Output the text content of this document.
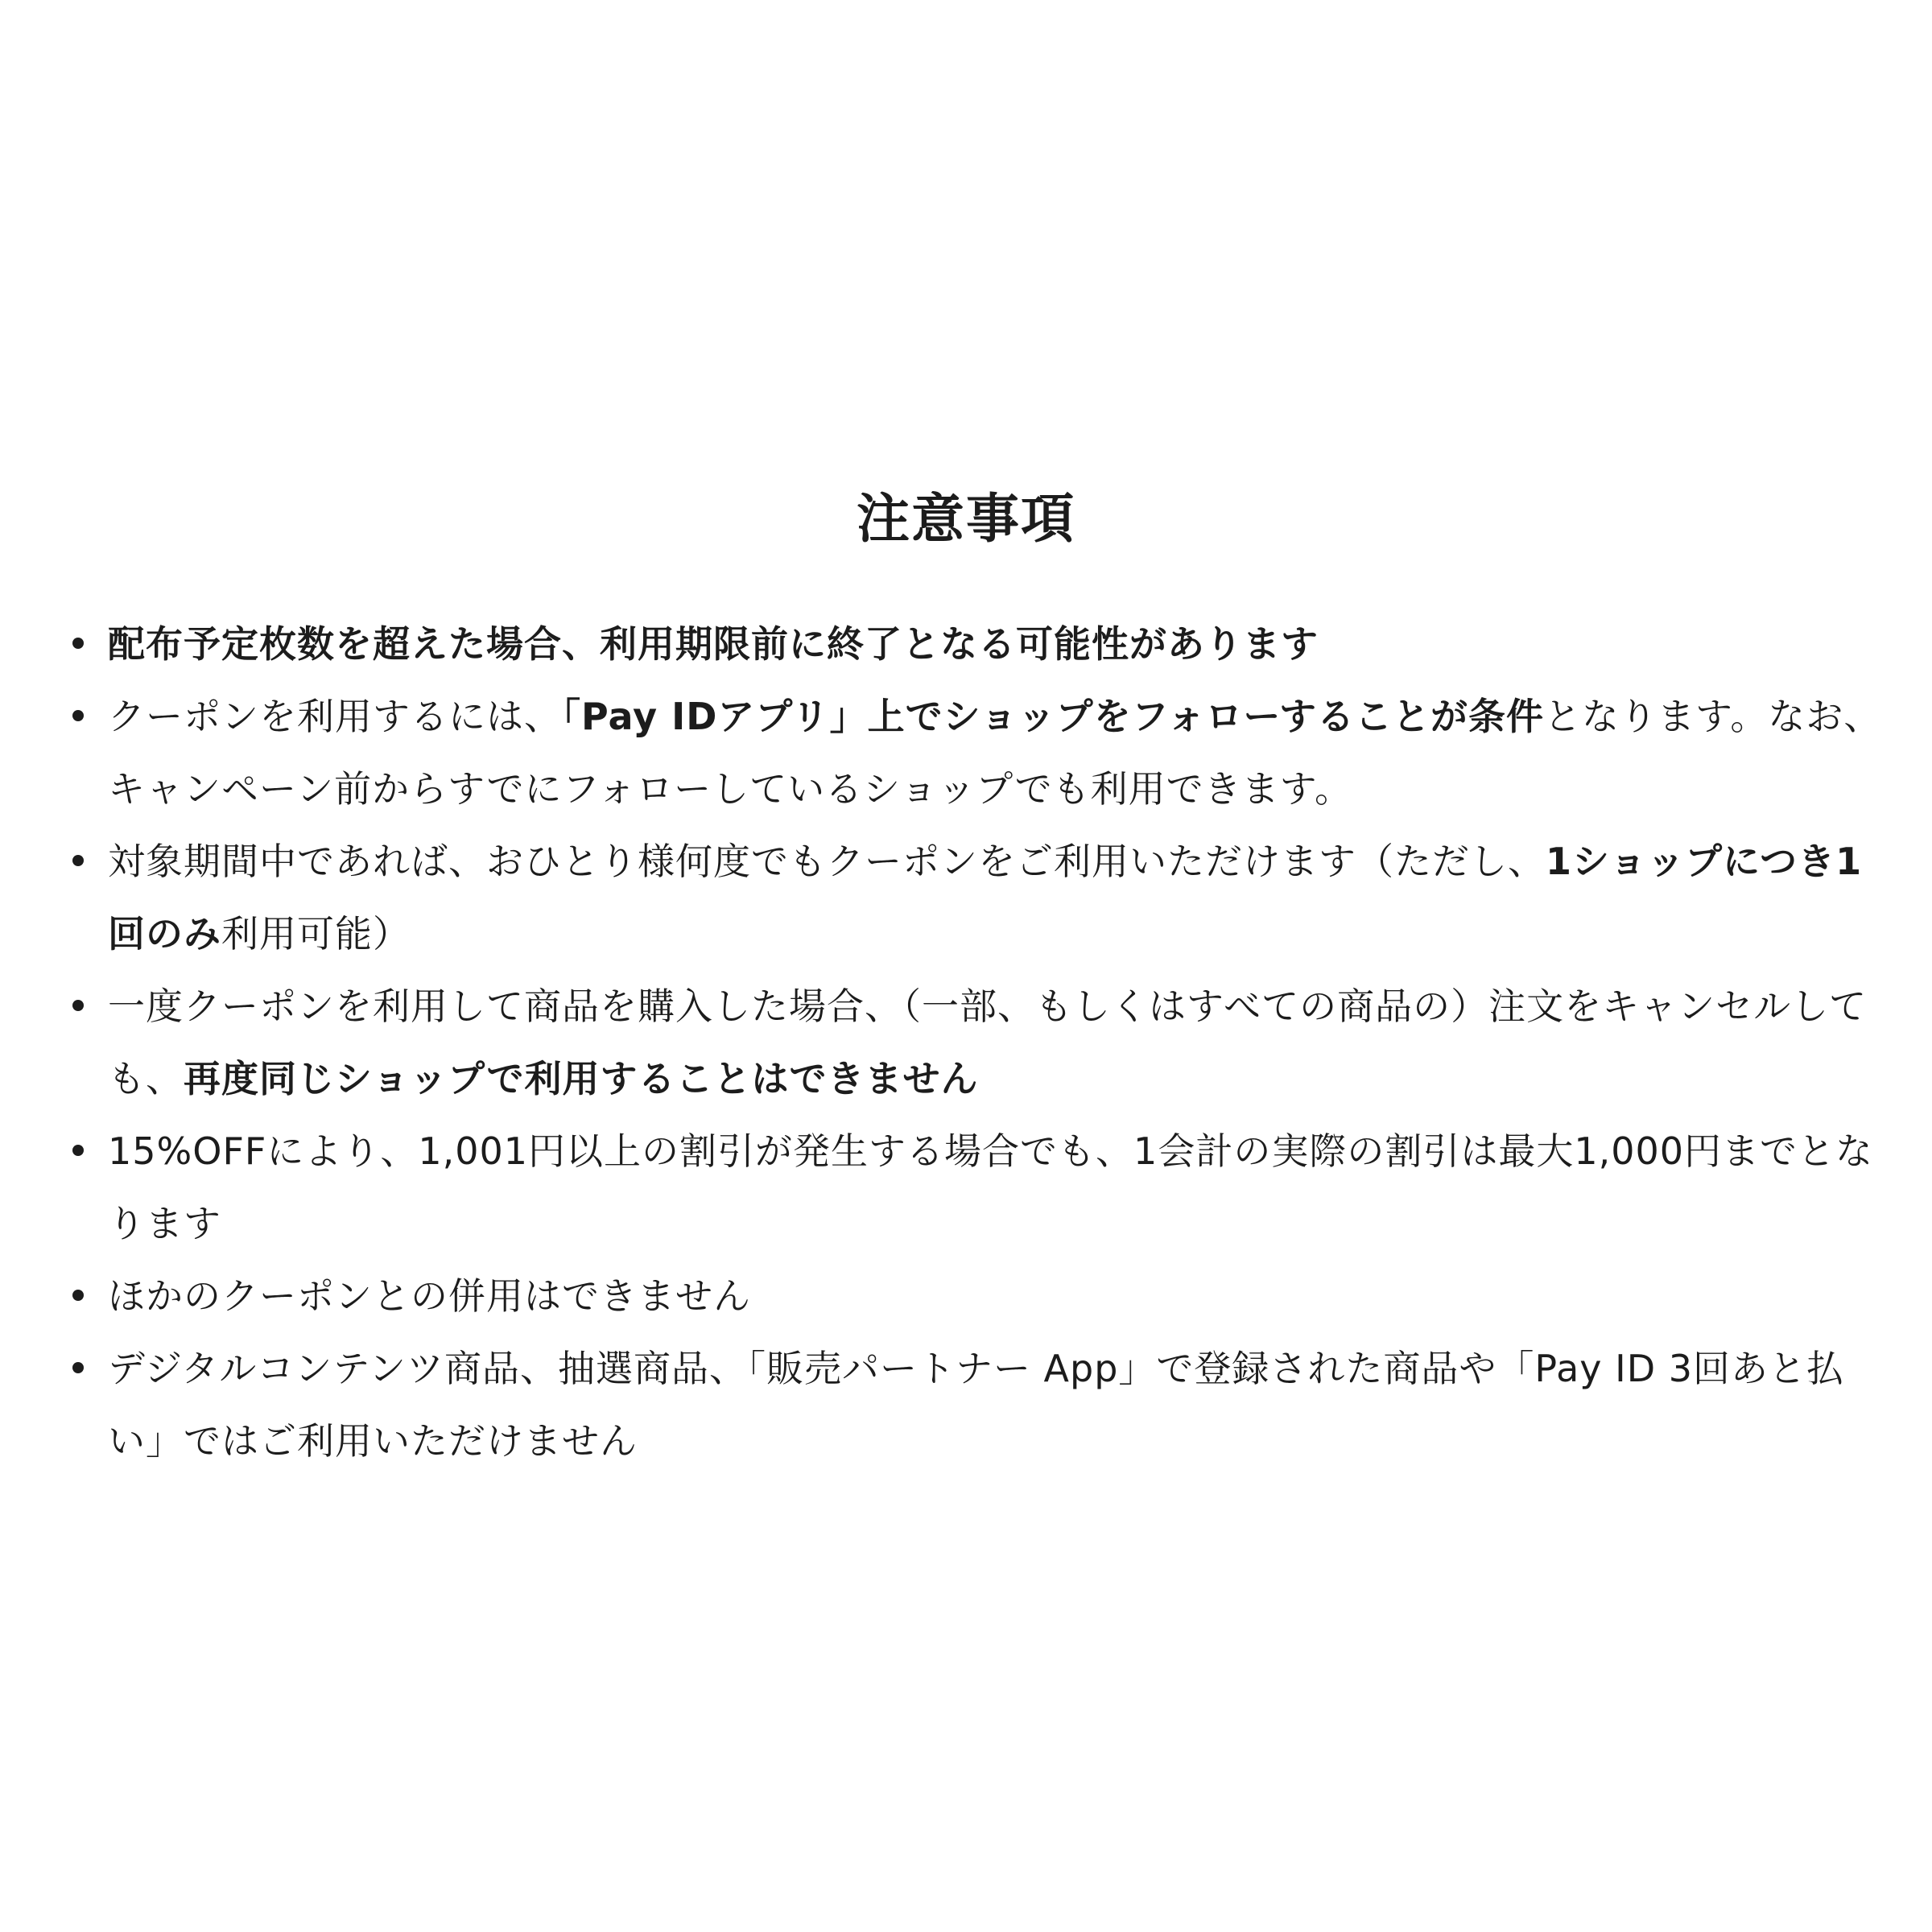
注意事項
配布予定枚数を超えた場合、利用期限前に終了となる可能性があります
クーポンを利用するには、「Pay IDアプリ」上でショップをフォローすることが条件となります。なお、キャンペーン前からすでにフォローしているショップでも利用できます。
対象期間中であれば、おひとり様何度でもクーポンをご利用いただけます（ただし、1ショップにつき1回のみ利用可能）
一度クーポンを利用して商品を購入した場合、（一部、もしくはすべての商品の）注文をキャンセルしても、再度同じショップで利用することはできません
15%OFFにより、1,001円以上の割引が発生する場合でも、1会計の実際の割引は最大1,000円までとなります
ほかのクーポンとの併用はできません
デジタルコンテンツ商品、抽選商品、「販売パートナー App」で登録された商品や「Pay ID 3回あと払い」ではご利用いただけません
